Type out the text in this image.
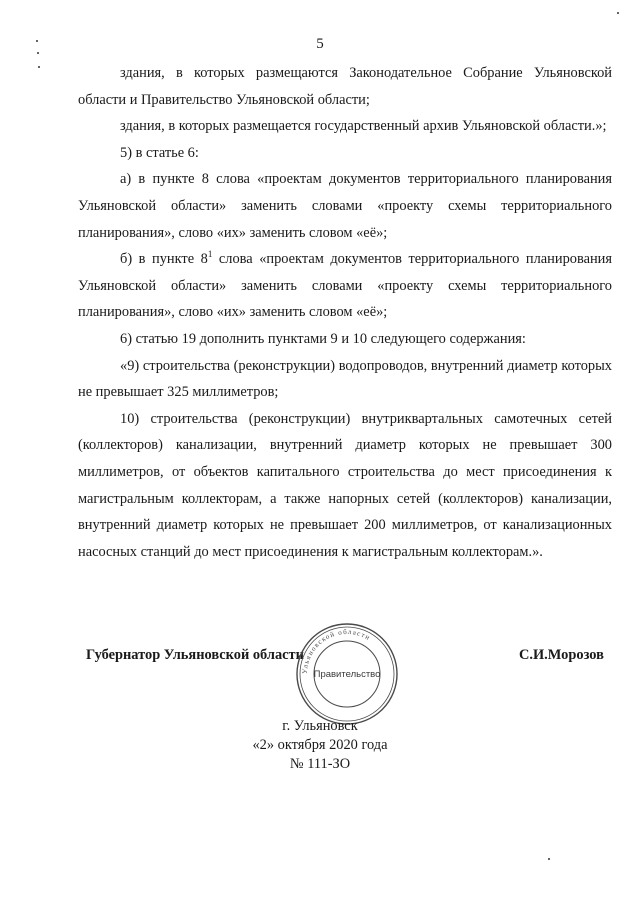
5

здания, в которых размещаются Законодательное Собрание Ульяновской области и Правительство Ульяновской области;

здания, в которых размещается государственный архив Ульяновской области.»;

5) в статье 6:

а) в пункте 8 слова «проектам документов территориального планирования Ульяновской области» заменить словами «проекту схемы территориального планирования», слово «их» заменить словом «её»;

б) в пункте $8^1$ слова «проектам документов территориального планирования Ульяновской области» заменить словами «проекту схемы территориального планирования», слово «их» заменить словом «её»;

6) статью 19 дополнить пунктами 9 и 10 следующего содержания:

«9) строительства (реконструкции) водопроводов, внутренний диаметр которых не превышает 325 миллиметров;

10) строительства (реконструкции) внутриквартальных самотечных сетей (коллекторов) канализации, внутренний диаметр которых не превышает 300 миллиметров, от объектов капитального строительства до мест присоединения к магистральным коллекторам, а также напорных сетей (коллекторов) канализации, внутренний диаметр которых не превышает 200 миллиметров, от канализационных насосных станций до мест присоединения к магистральным коллекторам.».

Губернатор Ульяновской области	С.И.Морозов
Ульяновской области
Правительство
г. Ульяновск
«2» октября 2020 года
№ 111-ЗО
